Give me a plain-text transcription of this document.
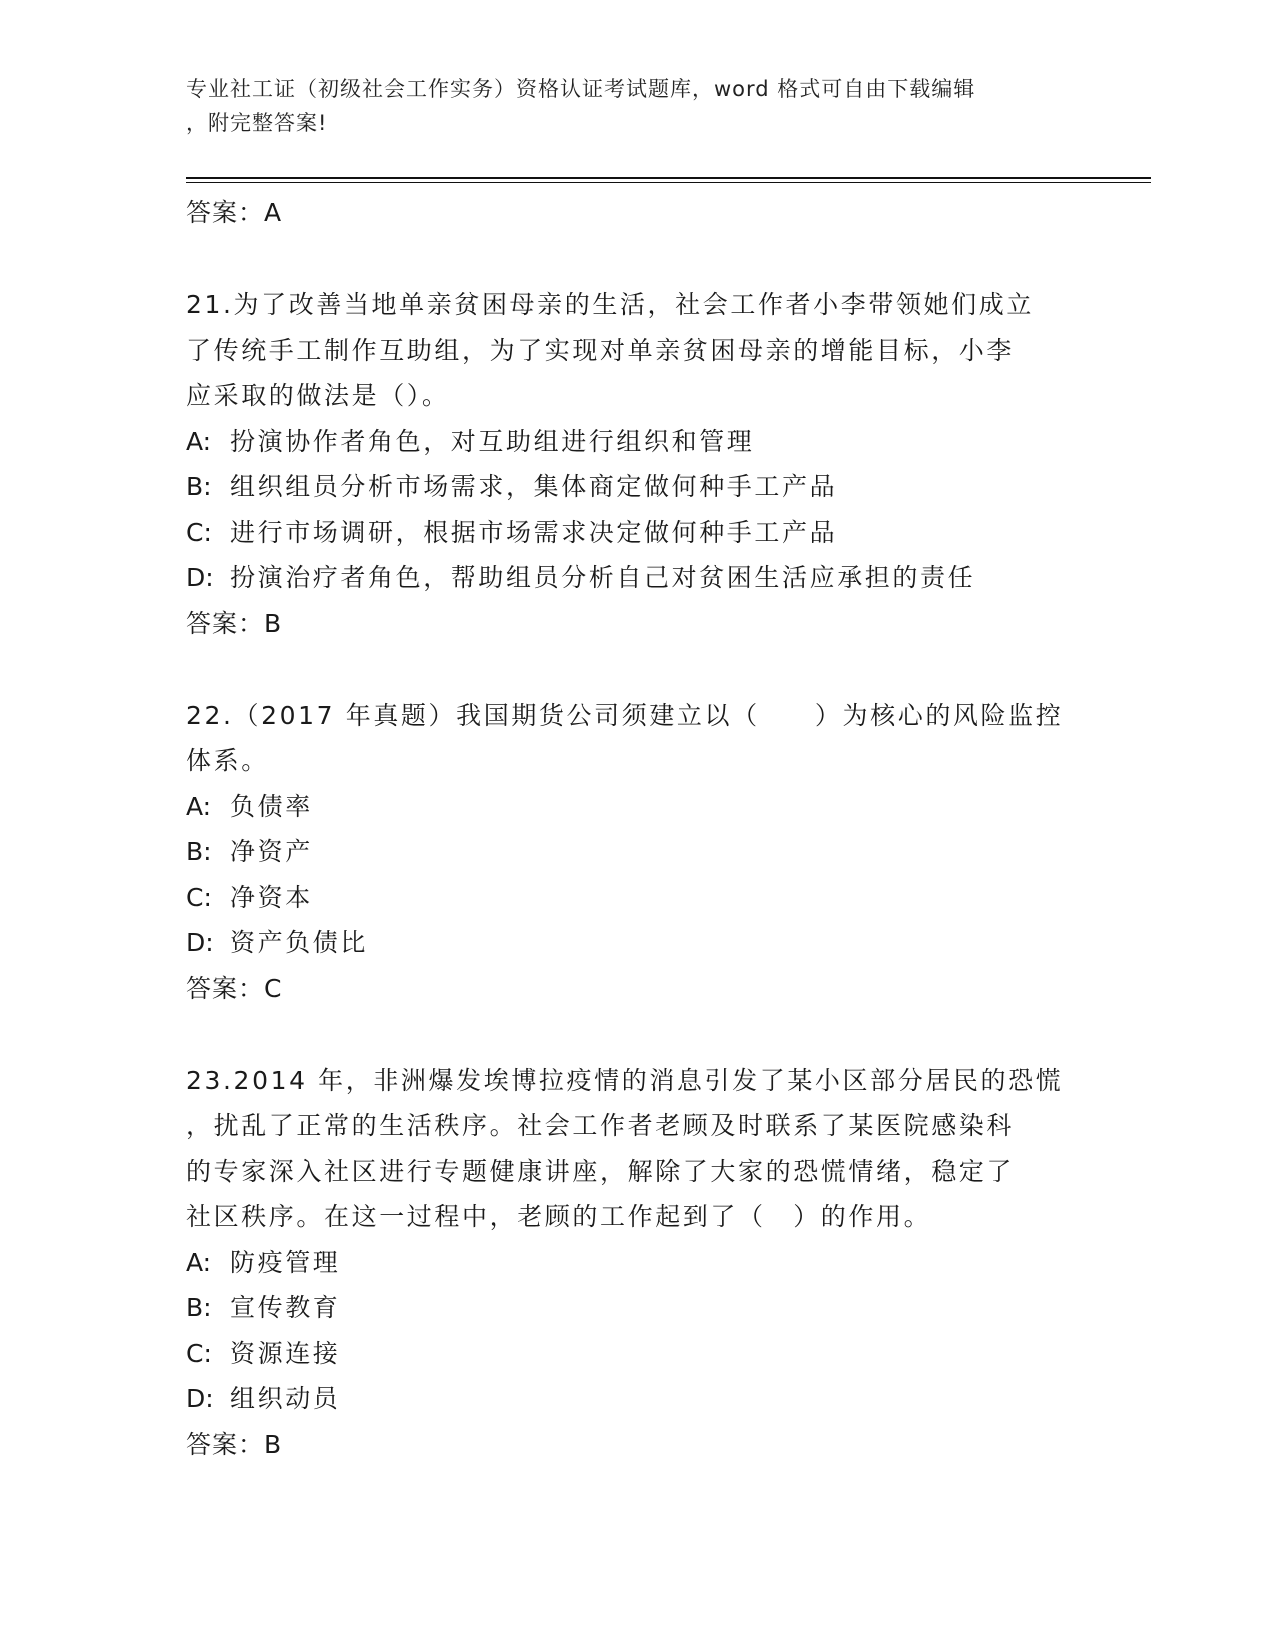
专业社工证（初级社会工作实务）资格认证考试题库，word 格式可自由下载编辑
，附完整答案!
答案：A
21.为了改善当地单亲贫困母亲的生活，社会工作者小李带领她们成立
了传统手工制作互助组，为了实现对单亲贫困母亲的增能目标，小李
应采取的做法是（）。
A: 扮演协作者角色，对互助组进行组织和管理
B: 组织组员分析市场需求，集体商定做何种手工产品
C: 进行市场调研，根据市场需求决定做何种手工产品
D: 扮演治疗者角色，帮助组员分析自己对贫困生活应承担的责任
答案：B
22.（2017 年真题）我国期货公司须建立以（　　）为核心的风险监控
体系。
A: 负债率
B: 净资产
C: 净资本
D: 资产负债比
答案：C
23.2014 年，非洲爆发埃博拉疫情的消息引发了某小区部分居民的恐慌
，扰乱了正常的生活秩序。社会工作者老顾及时联系了某医院感染科
的专家深入社区进行专题健康讲座，解除了大家的恐慌情绪，稳定了
社区秩序。在这一过程中，老顾的工作起到了（　）的作用。
A: 防疫管理
B: 宣传教育
C: 资源连接
D: 组织动员
答案：B
